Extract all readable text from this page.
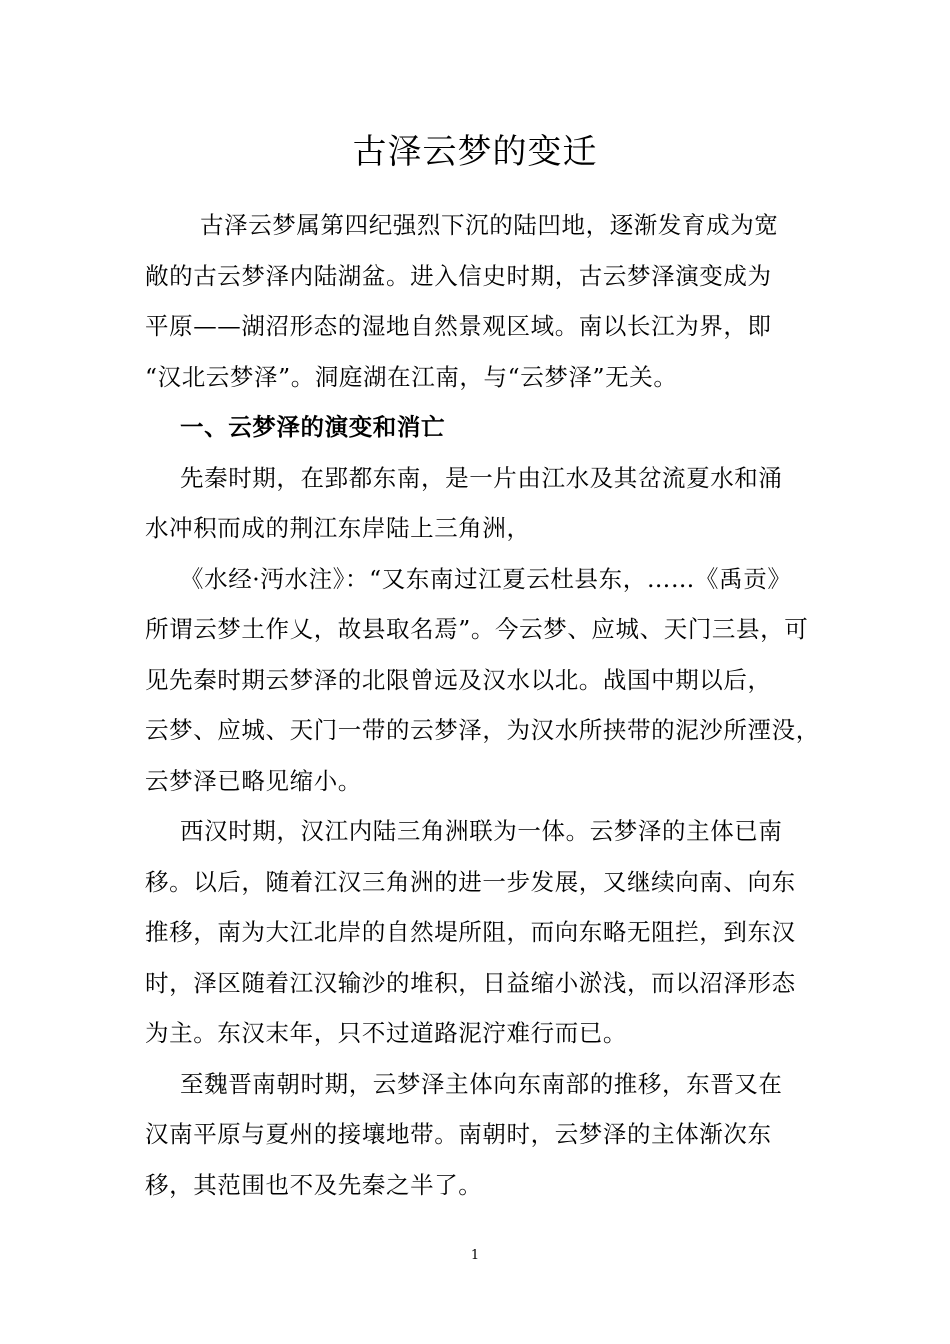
古泽云梦的变迁
古泽云梦属第四纪强烈下沉的陆凹地，逐渐发育成为宽
敞的古云梦泽内陆湖盆。进入信史时期，古云梦泽演变成为
平原——湖沼形态的湿地自然景观区域。南以长江为界，即
“汉北云梦泽”。洞庭湖在江南，与“云梦泽”无关。
一、云梦泽的演变和消亡
先秦时期，在郢都东南，是一片由江水及其岔流夏水和涌
水冲积而成的荆江东岸陆上三角洲，
《水经·沔水注》：“又东南过江夏云杜县东，……《禹贡》
所谓云梦土作乂，故县取名焉”。今云梦、应城、天门三县，可
见先秦时期云梦泽的北限曾远及汉水以北。战国中期以后，
云梦、应城、天门一带的云梦泽，为汉水所挟带的泥沙所湮没，
云梦泽已略见缩小。
西汉时期，汉江内陆三角洲联为一体。云梦泽的主体已南
移。以后，随着江汉三角洲的进一步发展，又继续向南、向东
推移，南为大江北岸的自然堤所阻，而向东略无阻拦，到东汉
时，泽区随着江汉输沙的堆积，日益缩小淤浅，而以沼泽形态
为主。东汉末年，只不过道路泥泞难行而已。
至魏晋南朝时期，云梦泽主体向东南部的推移，东晋又在
汉南平原与夏州的接壤地带。南朝时，云梦泽的主体渐次东
移，其范围也不及先秦之半了。
1
